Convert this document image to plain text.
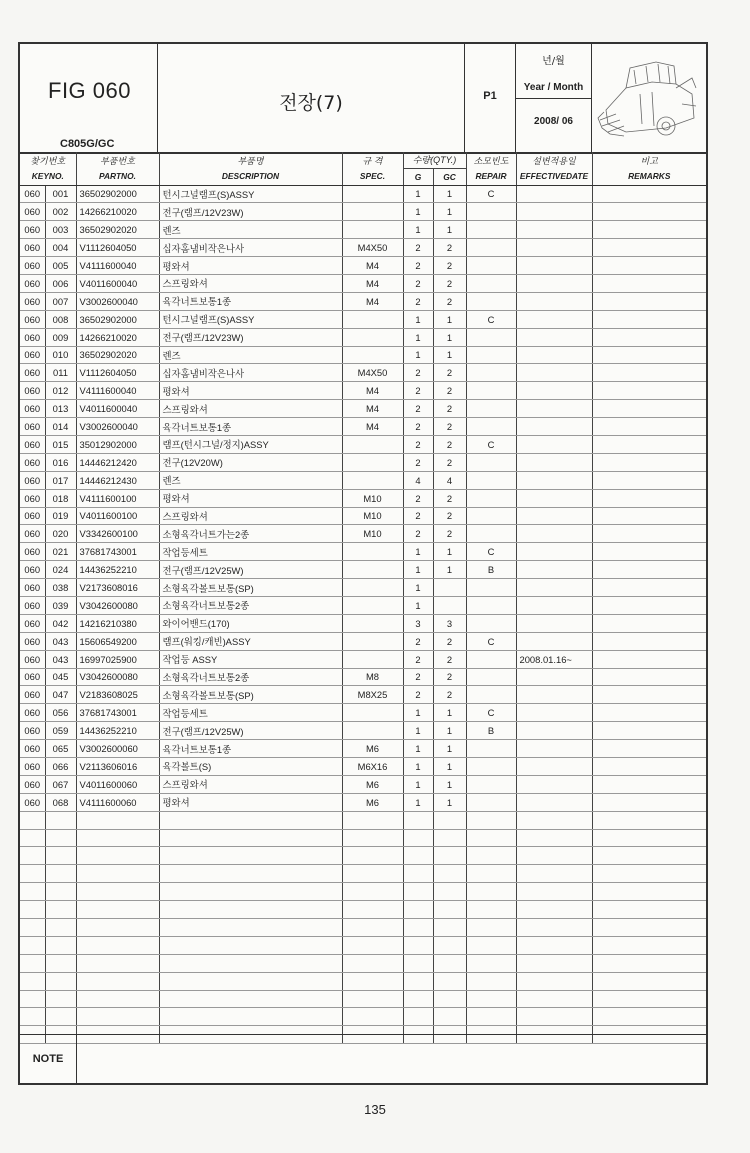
FIG 060
C805G/GC
전장(7)	P1
년/월
Year / Month
2008/ 06
찾기번호		부품번호	부품명	규 격	수량(QTY.)		소모빈도	설변적용일	비고
KEYNO.		PARTNO.	DESCRIPTION	SPEC.	G	GC	REPAIR	EFFECTIVEDATE	REMARKS
060	001	36502902000	턴시그널램프(S)ASSY		1	1	C		
060	002	14266210020	전구(램프/12V23W)		1	1			
060	003	36502902020	렌즈		1	1			
060	004	V1112604050	십자홈냄비작은나사	M4X50	2	2			
060	005	V4111600040	평와셔	M4	2	2			
060	006	V4011600040	스프링와셔	M4	2	2			
060	007	V3002600040	육각너트보통1종	M4	2	2			
060	008	36502902000	턴시그널램프(S)ASSY		1	1	C		
060	009	14266210020	전구(램프/12V23W)		1	1			
060	010	36502902020	렌즈		1	1			
060	011	V1112604050	십자홈냄비작은나사	M4X50	2	2			
060	012	V4111600040	평와셔	M4	2	2			
060	013	V4011600040	스프링와셔	M4	2	2			
060	014	V3002600040	육각너트보통1종	M4	2	2			
060	015	35012902000	램프(턴시그널/정지)ASSY		2	2	C		
060	016	14446212420	전구(12V20W)		2	2			
060	017	14446212430	렌즈		4	4			
060	018	V4111600100	평와셔	M10	2	2			
060	019	V4011600100	스프링와셔	M10	2	2			
060	020	V3342600100	소형육각너트가는2종	M10	2	2			
060	021	37681743001	작업등세트		1	1	C		
060	024	14436252210	전구(램프/12V25W)		1	1	B		
060	038	V2173608016	소형육각볼트보통(SP)		1				
060	039	V3042600080	소형육각너트보통2종		1				
060	042	14216210380	와이어밴드(170)		3	3			
060	043	15606549200	램프(워킹/캐빈)ASSY		2	2	C		
060	043	16997025900	작업등 ASSY		2	2		2008.01.16~	
060	045	V3042600080	소형육각너트보통2종	M8	2	2			
060	047	V2183608025	소형육각볼트보통(SP)	M8X25	2	2			
060	056	37681743001	작업등세트		1	1	C		
060	059	14436252210	전구(램프/12V25W)		1	1	B		
060	065	V3002600060	육각너트보통1종	M6	1	1			
060	066	V2113606016	육각볼트(S)	M6X16	1	1			
060	067	V4011600060	스프링와셔	M6	1	1			
060	068	V4111600060	평와셔	M6	1	1			

NOTE
135
